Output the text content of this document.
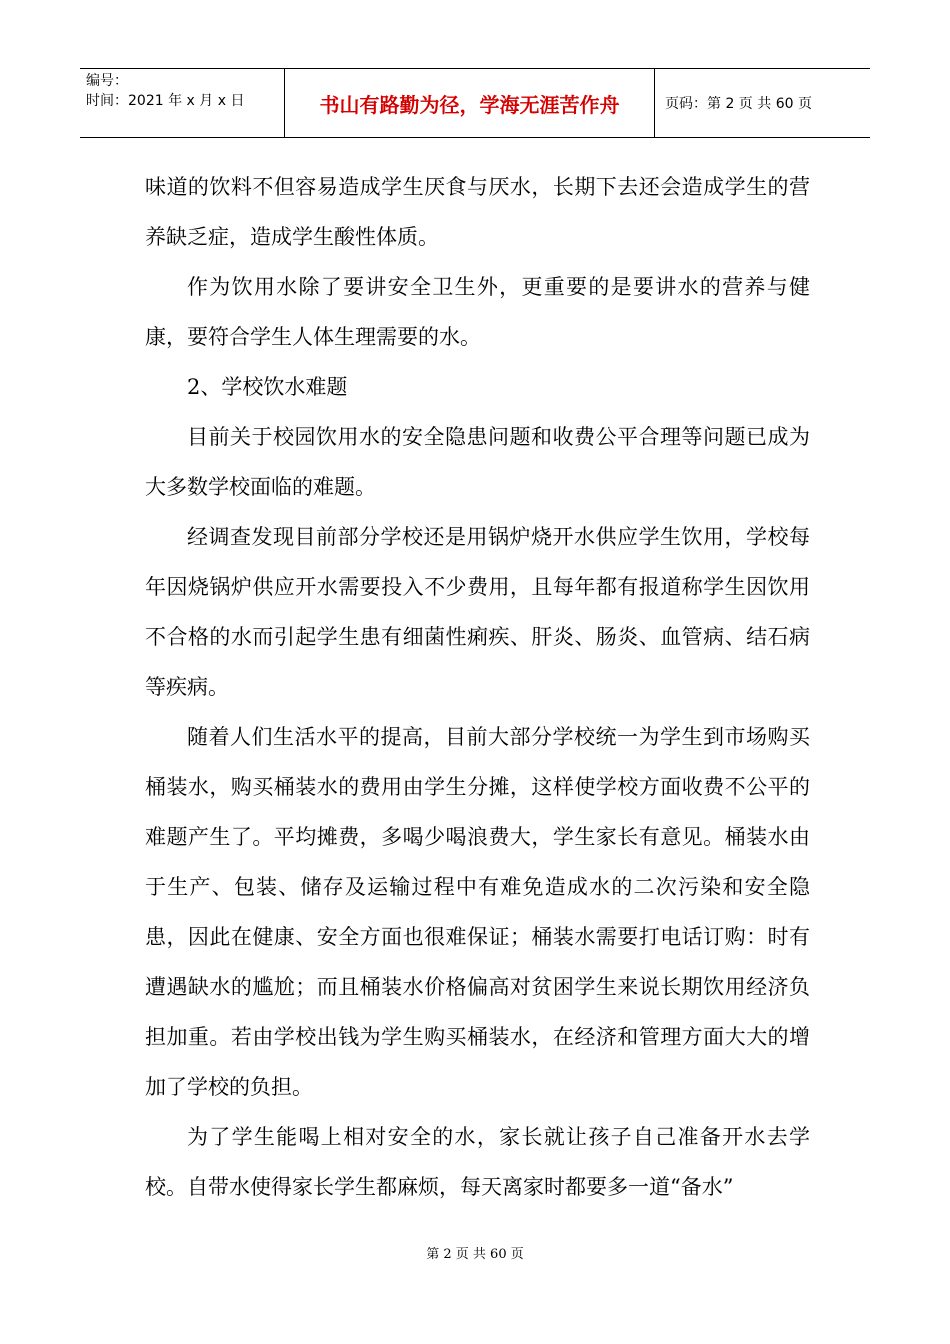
编号：
时间：2021 年 x 月 x 日	书山有路勤为径，学海无涯苦作舟	页码：第 2 页 共 60 页

味道的饮料不但容易造成学生厌食与厌水，长期下去还会造成学生的营养缺乏症，造成学生酸性体质。

作为饮用水除了要讲安全卫生外，更重要的是要讲水的营养与健康，要符合学生人体生理需要的水。

2、学校饮水难题

目前关于校园饮用水的安全隐患问题和收费公平合理等问题已成为大多数学校面临的难题。

经调查发现目前部分学校还是用锅炉烧开水供应学生饮用，学校每年因烧锅炉供应开水需要投入不少费用，且每年都有报道称学生因饮用不合格的水而引起学生患有细菌性痢疾、肝炎、肠炎、血管病、结石病等疾病。

随着人们生活水平的提高，目前大部分学校统一为学生到市场购买桶装水，购买桶装水的费用由学生分摊，这样使学校方面收费不公平的难题产生了。平均摊费，多喝少喝浪费大，学生家长有意见。桶装水由于生产、包装、储存及运输过程中有难免造成水的二次污染和安全隐患，因此在健康、安全方面也很难保证；桶装水需要打电话订购：时有遭遇缺水的尴尬；而且桶装水价格偏高对贫困学生来说长期饮用经济负担加重。若由学校出钱为学生购买桶装水，在经济和管理方面大大的增加了学校的负担。

为了学生能喝上相对安全的水，家长就让孩子自己准备开水去学校。自带水使得家长学生都麻烦，每天离家时都要多一道“备水”

第 2 页 共 60 页
